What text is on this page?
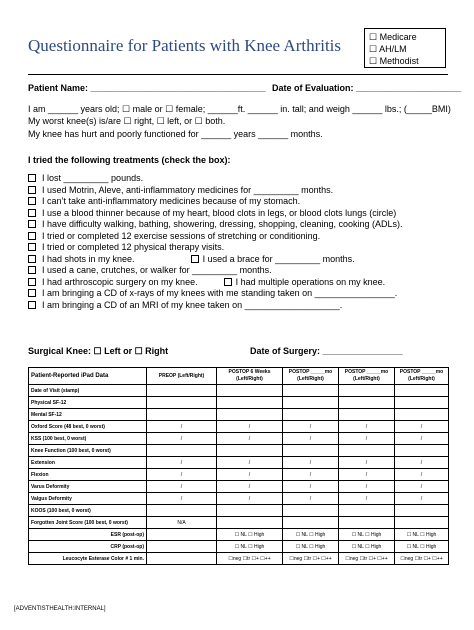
Questionnaire for Patients with Knee Arthritis	☐ Medicare
☐ AH/LM
☐ Methodist
Patient Name: ___________________________________ Date of Evaluation: _____________________
I am ______ years old; ☐ male or ☐ female; ______ft. ______ in. tall; and weigh ______ lbs.; (_____BMI)
My worst knee(s) is/are ☐ right, ☐ left, or ☐ both.
My knee has hurt and poorly functioned for ______ years ______ months.
I tried the following treatments (check the box):
I lost _________ pounds.
I used Motrin, Aleve, anti-inflammatory medicines for _________ months.
I can’t take anti-inflammatory medicines because of my stomach.
I use a blood thinner because of my heart, blood clots in legs, or blood clots lungs (circle)
I have difficulty walking, bathing, showering, dressing, shopping, cleaning, cooking (ADLs).
I tried or completed 12 exercise sessions of stretching or conditioning.
I tried or completed 12 physical therapy visits.
I had shots in my knee.	I used a brace for _________ months.
I used a cane, crutches, or walker for _________ months.
I had arthroscopic surgery on my knee.	I had multiple operations on my knee.
I am bringing a CD of x-rays of my knees with me standing taken on ________________.
I am bringing a CD of an MRI of my knee taken on ___________________.
Surgical Knee: ☐ Left or ☐ Right	Date of Surgery: ________________
Patient-Reported iPad Data	PREOP (Left/Right)	POSTOP 6 Weeks (Left/Right)	POSTOP _____mo (Left/Right)	POSTOP _____mo (Left/Right)	POSTOP _____mo (Left/Right)
Date of Visit (stamp)					
Physical SF-12					
Mental SF-12					
Oxford Score (48 best, 0 worst)	/	/	/	/	/
KSS (100 best, 0 worst)	/	/	/	/	/
Knee Function (100 best, 0 worst)					
Extension	/	/	/	/	/
Flexion	/	/	/	/	/
Varus Deformity	/	/	/	/	/
Valgus Deformity	/	/	/	/	/
KOOS (100 best, 0 worst)					
Forgotten Joint Score (100 best, 0 worst)	N/A				
ESR (post-op)		☐ NL ☐ High	☐ NL ☐ High	☐ NL ☐ High	☐ NL ☐ High
CRP (post-op)		☐ NL ☐ High	☐ NL ☐ High	☐ NL ☐ High	☐ NL ☐ High
Leucocyte Esterase Color # 1 min.		☐neg ☐tr ☐+ ☐++	☐neg ☐tr ☐+ ☐++	☐neg ☐tr ☐+ ☐++	☐neg ☐tr ☐+ ☐++
[ADVENTISTHEALTH:INTERNAL]
